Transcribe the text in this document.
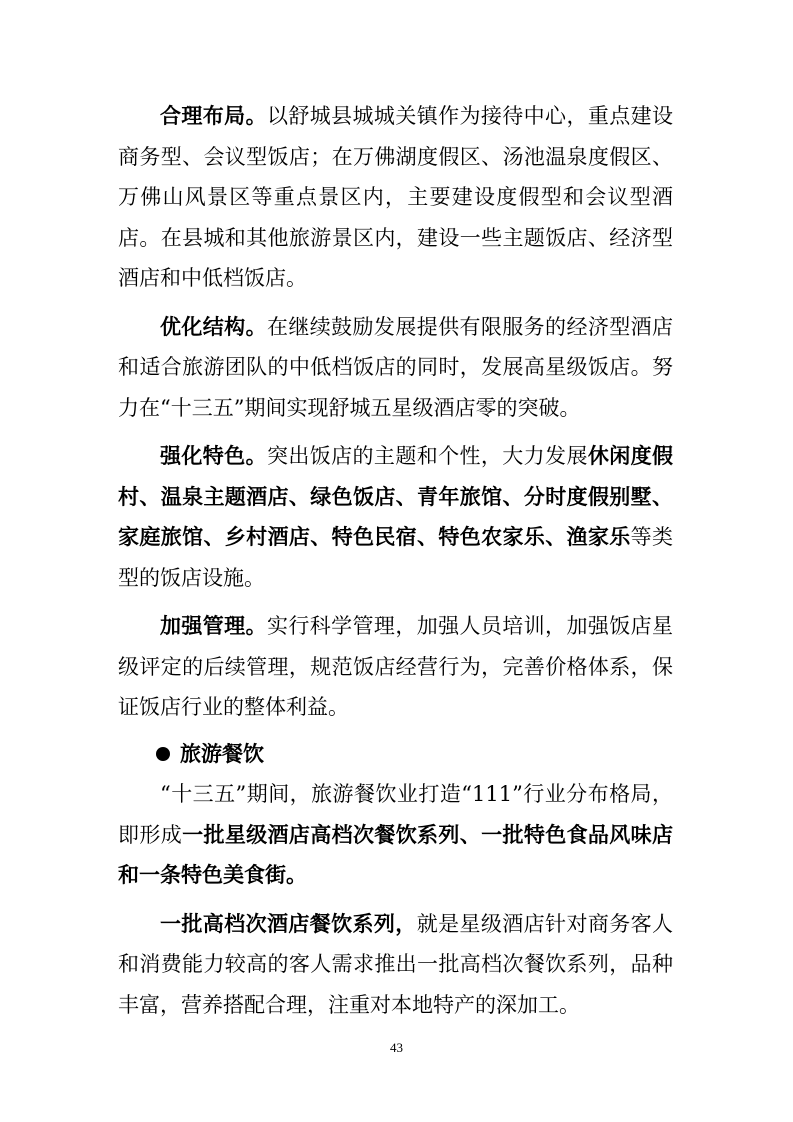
合理布局。以舒城县城城关镇作为接待中心，重点建设商务型、会议型饭店；在万佛湖度假区、汤池温泉度假区、万佛山风景区等重点景区内，主要建设度假型和会议型酒店。在县城和其他旅游景区内，建设一些主题饭店、经济型酒店和中低档饭店。

优化结构。在继续鼓励发展提供有限服务的经济型酒店和适合旅游团队的中低档饭店的同时，发展高星级饭店。努力在“十三五”期间实现舒城五星级酒店零的突破。

强化特色。突出饭店的主题和个性，大力发展休闲度假村、温泉主题酒店、绿色饭店、青年旅馆、分时度假别墅、家庭旅馆、乡村酒店、特色民宿、特色农家乐、渔家乐等类型的饭店设施。

加强管理。实行科学管理，加强人员培训，加强饭店星级评定的后续管理，规范饭店经营行为，完善价格体系，保证饭店行业的整体利益。

旅游餐饮

“十三五”期间，旅游餐饮业打造“111”行业分布格局，即形成一批星级酒店高档次餐饮系列、一批特色食品风味店和一条特色美食街。

一批高档次酒店餐饮系列，就是星级酒店针对商务客人和消费能力较高的客人需求推出一批高档次餐饮系列，品种丰富，营养搭配合理，注重对本地特产的深加工。

43
